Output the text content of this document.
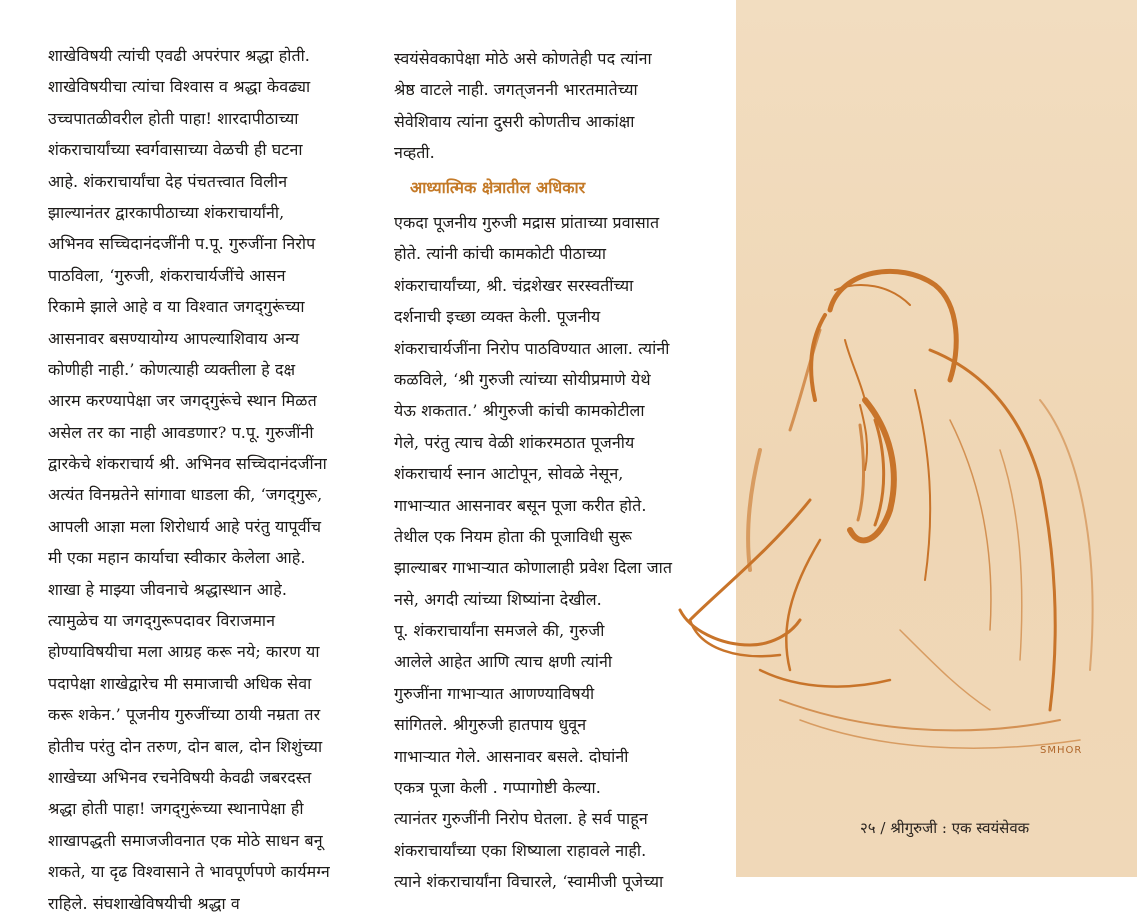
शाखेविषयी त्यांची एवढी अपरंपार श्रद्धा होती.
शाखेविषयीचा त्यांचा विश्‍वास व श्रद्धा केवढ्या
उच्चपातळीवरील होती पाहा! शारदापीठाच्या
शंकराचार्यांच्या स्वर्गवासाच्या वेळची ही घटना
आहे. शंकराचार्यांचा देह पंचतत्त्वात विलीन
झाल्यानंतर द्वारकापीठाच्या शंकराचार्यांनी,
अभिनव सच्चिदानंदजींनी प.पू. गुरुजींना निरोप
पाठविला, ‘गुरुजी, शंकराचार्यजींचे आसन
रिकामे झाले आहे व या विश्‍वात जगद्‌गुरूंच्या
आसनावर बसण्यायोग्य आपल्याशिवाय अन्य
कोणीही नाही.’ कोणत्याही व्यक्तीला हे दक्ष
आरम करण्यापेक्षा जर जगद्‌गुरूंचे स्थान मिळत
असेल तर का नाही आवडणार? प.पू. गुरुजींनी
द्वारकेचे शंकराचार्य श्री. अभिनव सच्चिदानंदजींना
अत्यंत विनम्रतेने सांगावा धाडला की, ‘जगद्‌गुरू,
आपली आज्ञा मला शिरोधार्य आहे परंतु यापूर्वीच
मी एका महान कार्याचा स्वीकार केलेला आहे.
शाखा हे माझ्या जीवनाचे श्रद्धास्थान आहे.
त्यामुळेच या जगद्‌गुरूपदावर विराजमान
होण्याविषयीचा मला आग्रह करू नये; कारण या
पदापेक्षा शाखेद्वारेच मी समाजाची अधिक सेवा
करू शकेन.’ पूजनीय गुरुजींच्या ठायी नम्रता तर
होतीच परंतु दोन तरुण, दोन बाल, दोन शिशुंच्या
शाखेच्या अभिनव रचनेविषयी केवढी जबरदस्त
श्रद्धा होती पाहा! जगद्‌गुरूंच्या स्थानापेक्षा ही
शाखापद्धती समाजजीवनात एक मोठे साधन बनू
शकते, या दृढ विश्‍वासाने ते भावपूर्णपणे कार्यमग्न
राहिले. संघशाखेविषयीची श्रद्धा व
स्वयंसेवकापेक्षा मोठे असे कोणतेही पद त्यांना
श्रेष्ठ वाटले नाही. जगत्‌जननी भारतमातेच्या
सेवेशिवाय त्यांना दुसरी कोणतीच आकांक्षा
नव्हती.
आध्यात्मिक क्षेत्रातील अधिकार
एकदा पूजनीय गुरुजी मद्रास प्रांताच्या प्रवासात
होते. त्यांनी कांची कामकोटी पीठाच्या
शंकराचार्यांच्या, श्री. चंद्रशेखर सरस्वतींच्या
दर्शनाची इच्छा व्यक्त केली. पूजनीय
शंकराचार्यजींना निरोप पाठविण्यात आला. त्यांनी
कळविले, ‘श्री गुरुजी त्यांच्या सोयीप्रमाणे येथे
येऊ शकतात.’ श्रीगुरुजी कांची कामकोटीला
गेले, परंतु त्याच वेळी शांकरमठात पूजनीय
शंकराचार्य स्नान आटोपून, सोवळे नेसून,
गाभाऱ्यात आसनावर बसून पूजा करीत होते.
तेथील एक नियम होता की पूजाविधी सुरू
झाल्याबर गाभाऱ्यात कोणालाही प्रवेश दिला जात
नसे, अगदी त्यांच्या शिष्यांना देखील.
पू. शंकराचार्यांना समजले की, गुरुजी
आलेले आहेत आणि त्याच क्षणी त्यांनी
गुरुजींना गाभाऱ्यात आणण्याविषयी
सांगितले. श्रीगुरुजी हातपाय धुवून
गाभाऱ्यात गेले. आसनावर बसले. दोघांनी
एकत्र पूजा केली . गप्पागोष्टी केल्या.
त्यानंतर गुरुजींनी निरोप घेतला. हे सर्व पाहून
शंकराचार्यांच्या एका शिष्याला राहावले नाही.
त्याने शंकराचार्यांना विचारले, ‘स्वामीजी पूजेच्या
SMHOR
२५ / श्रीगुरुजी : एक स्वयंसेवक
